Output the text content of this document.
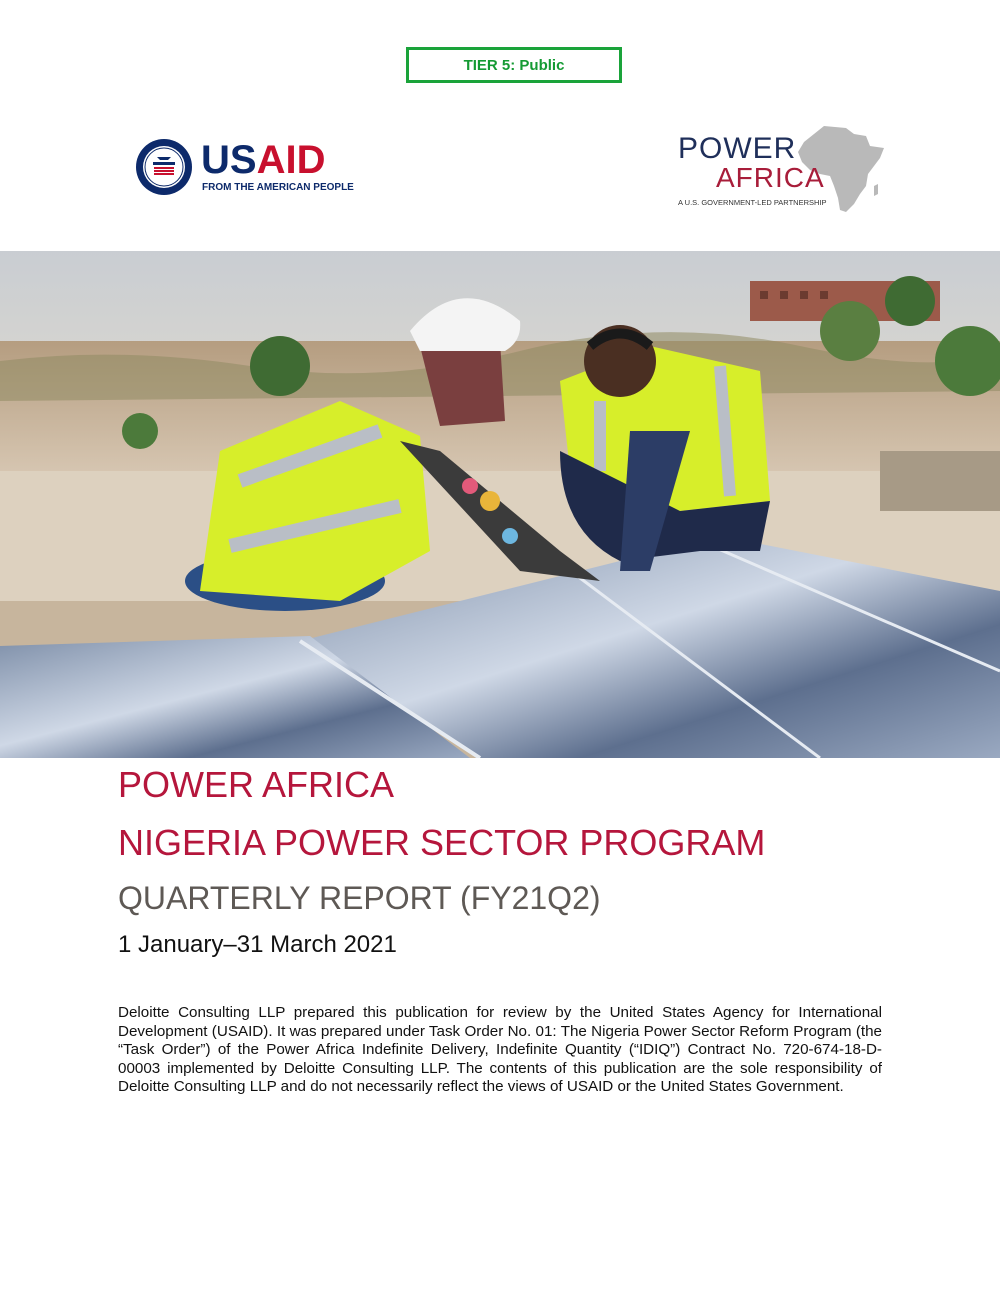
TIER 5: Public
USAID
FROM THE AMERICAN PEOPLE
POWER
AFRICA
A U.S. GOVERNMENT-LED PARTNERSHIP
POWER AFRICA
NIGERIA POWER SECTOR PROGRAM
QUARTERLY REPORT (FY21Q2)
1 January–31 March 2021
Deloitte Consulting LLP prepared this publication for review by the United States Agency for International Development (USAID). It was prepared under Task Order No. 01: The Nigeria Power Sector Reform Program (the “Task Order”) of the Power Africa Indefinite Delivery, Indefinite Quantity (“IDIQ”) Contract No. 720-674-18-D-00003 implemented by Deloitte Consulting LLP. The contents of this publication are the sole responsibility of Deloitte Consulting LLP and do not necessarily reflect the views of USAID or the United States Government.
